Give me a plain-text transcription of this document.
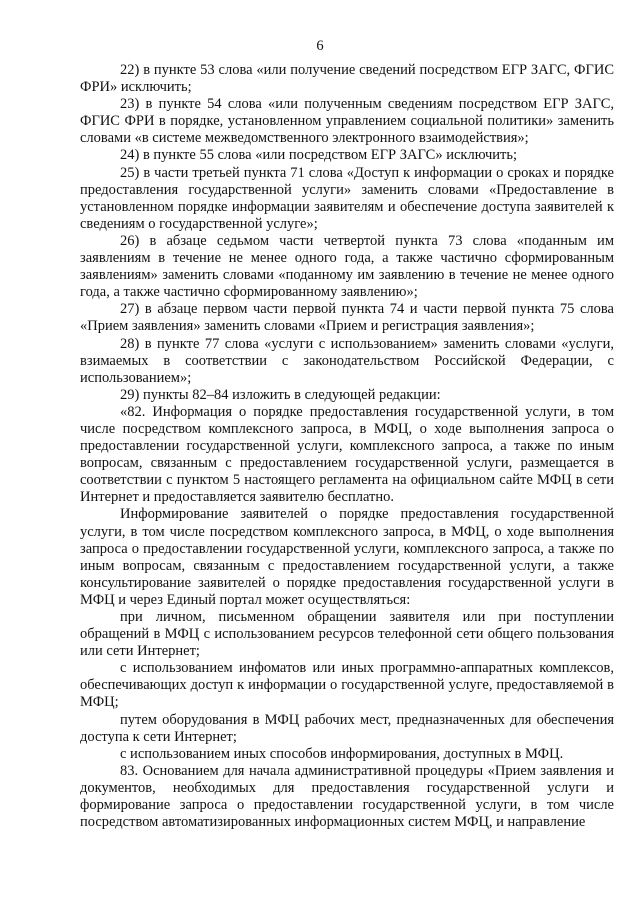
6

22) в пункте 53 слова «или получение сведений посредством ЕГР ЗАГС, ФГИС ФРИ» исключить;

23) в пункте 54 слова «или полученным сведениям посредством ЕГР ЗАГС, ФГИС ФРИ в порядке, установленном управлением социальной политики» заменить словами «в системе межведомственного электронного взаимодействия»;

24) в пункте 55 слова «или посредством ЕГР ЗАГС» исключить;

25) в части третьей пункта 71 слова «Доступ к информации о сроках и порядке предоставления государственной услуги» заменить словами «Предоставление в установленном порядке информации заявителям и обеспечение доступа заявителей к сведениям о государственной услуге»;

26) в абзаце седьмом части четвертой пункта 73 слова «поданным им заявлениям в течение не менее одного года, а также частично сформированным заявлениям» заменить словами «поданному им заявлению в течение не менее одного года, а также частично сформированному заявлению»;

27) в абзаце первом части первой пункта 74 и части первой пункта 75 слова «Прием заявления» заменить словами «Прием и регистрация заявления»;

28) в пункте 77 слова «услуги с использованием» заменить словами «услуги, взимаемых в соответствии с законодательством Российской Федерации, с использованием»;

29) пункты 82–84 изложить в следующей редакции:

«82. Информация о порядке предоставления государственной услуги, в том числе посредством комплексного запроса, в МФЦ, о ходе выполнения запроса о предоставлении государственной услуги, комплексного запроса, а также по иным вопросам, связанным с предоставлением государственной услуги, размещается в соответствии с пунктом 5 настоящего регламента на официальном сайте МФЦ в сети Интернет и предоставляется заявителю бесплатно.

Информирование заявителей о порядке предоставления государственной услуги, в том числе посредством комплексного запроса, в МФЦ, о ходе выполнения запроса о предоставлении государственной услуги, комплексного запроса, а также по иным вопросам, связанным с предоставлением государственной услуги, а также консультирование заявителей о порядке предоставления государственной услуги в МФЦ и через Единый портал может осуществляться:

при личном, письменном обращении заявителя или при поступлении обращений в МФЦ с использованием ресурсов телефонной сети общего пользования или сети Интернет;

с использованием инфоматов или иных программно-аппаратных комплексов, обеспечивающих доступ к информации о государственной услуге, предоставляемой в МФЦ;

путем оборудования в МФЦ рабочих мест, предназначенных для обеспечения доступа к сети Интернет;

с использованием иных способов информирования, доступных в МФЦ.

83. Основанием для начала административной процедуры «Прием заявления и документов, необходимых для предоставления государственной услуги и формирование запроса о предоставлении государственной услуги, в том числе посредством автоматизированных информационных систем МФЦ, и направление
